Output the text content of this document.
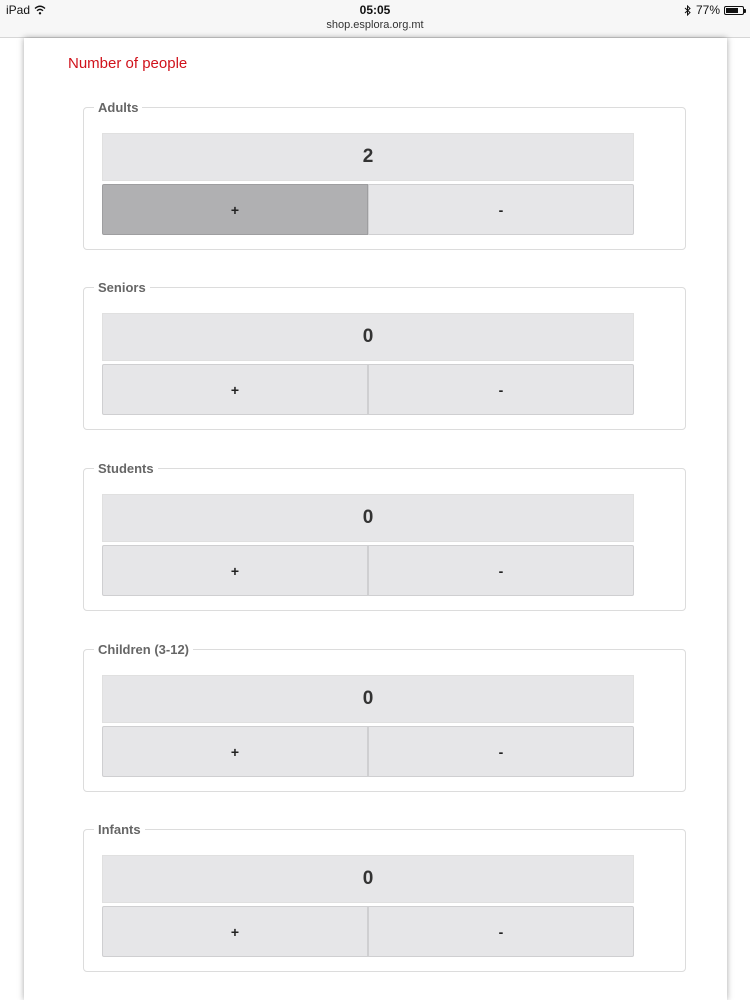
iPad	05:05
shop.esplora.org.mt
77%
Number of people
Adults
2
+	-
Seniors
0
+	-
Students
0
+	-
Children (3-12)
0
+	-
Infants
0
+	-
